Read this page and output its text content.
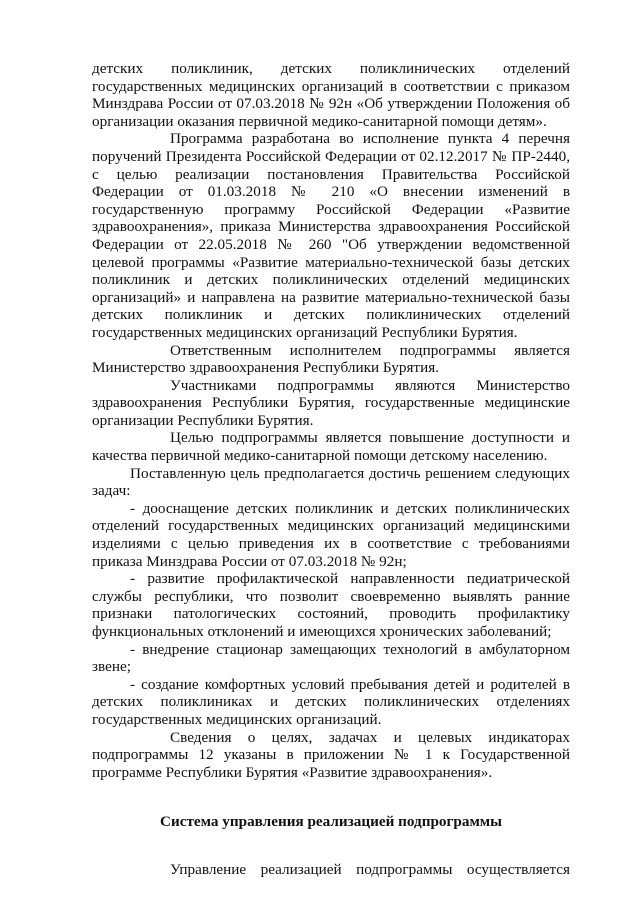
детских поликлиник, детских поликлинических отделений государственных медицинских организаций в соответствии с приказом Минздрава России от 07.03.2018 № 92н «Об утверждении Положения об организации оказания первичной медико-санитарной помощи детям».

Программа разработана во исполнение пункта 4 перечня поручений Президента Российской Федерации от 02.12.2017 № ПР-2440, с целью реализации постановления Правительства Российской Федерации от 01.03.2018 № 210 «О внесении изменений в государственную программу Российской Федерации «Развитие здравоохранения», приказа Министерства здравоохранения Российской Федерации от 22.05.2018 № 260 "Об утверждении ведомственной целевой программы «Развитие материально-технической базы детских поликлиник и детских поликлинических отделений медицинских организаций» и направлена на развитие материально-технической базы детских поликлиник и детских поликлинических отделений государственных медицинских организаций Республики Бурятия.

Ответственным исполнителем подпрограммы является Министерство здравоохранения Республики Бурятия.

Участниками подпрограммы являются Министерство здравоохранения Республики Бурятия, государственные медицинские организации Республики Бурятия.

Целью подпрограммы является повышение доступности и качества первичной медико-санитарной помощи детскому населению.

Поставленную цель предполагается достичь решением следующих задач:

- дооснащение детских поликлиник и детских поликлинических отделений государственных медицинских организаций медицинскими изделиями с целью приведения их в соответствие с требованиями приказа Минздрава России от 07.03.2018 № 92н;

- развитие профилактической направленности педиатрической службы республики, что позволит своевременно выявлять ранние признаки патологических состояний, проводить профилактику функциональных отклонений и имеющихся хронических заболеваний;

- внедрение стационар замещающих технологий в амбулаторном звене;

- создание комфортных условий пребывания детей и родителей в детских поликлиниках и детских поликлинических отделениях государственных медицинских организаций.

Сведения о целях, задачах и целевых индикаторах подпрограммы 12 указаны в приложении № 1 к Государственной программе Республики Бурятия «Развитие здравоохранения».

Система управления реализацией подпрограммы

Управление реализацией подпрограммы осуществляется
